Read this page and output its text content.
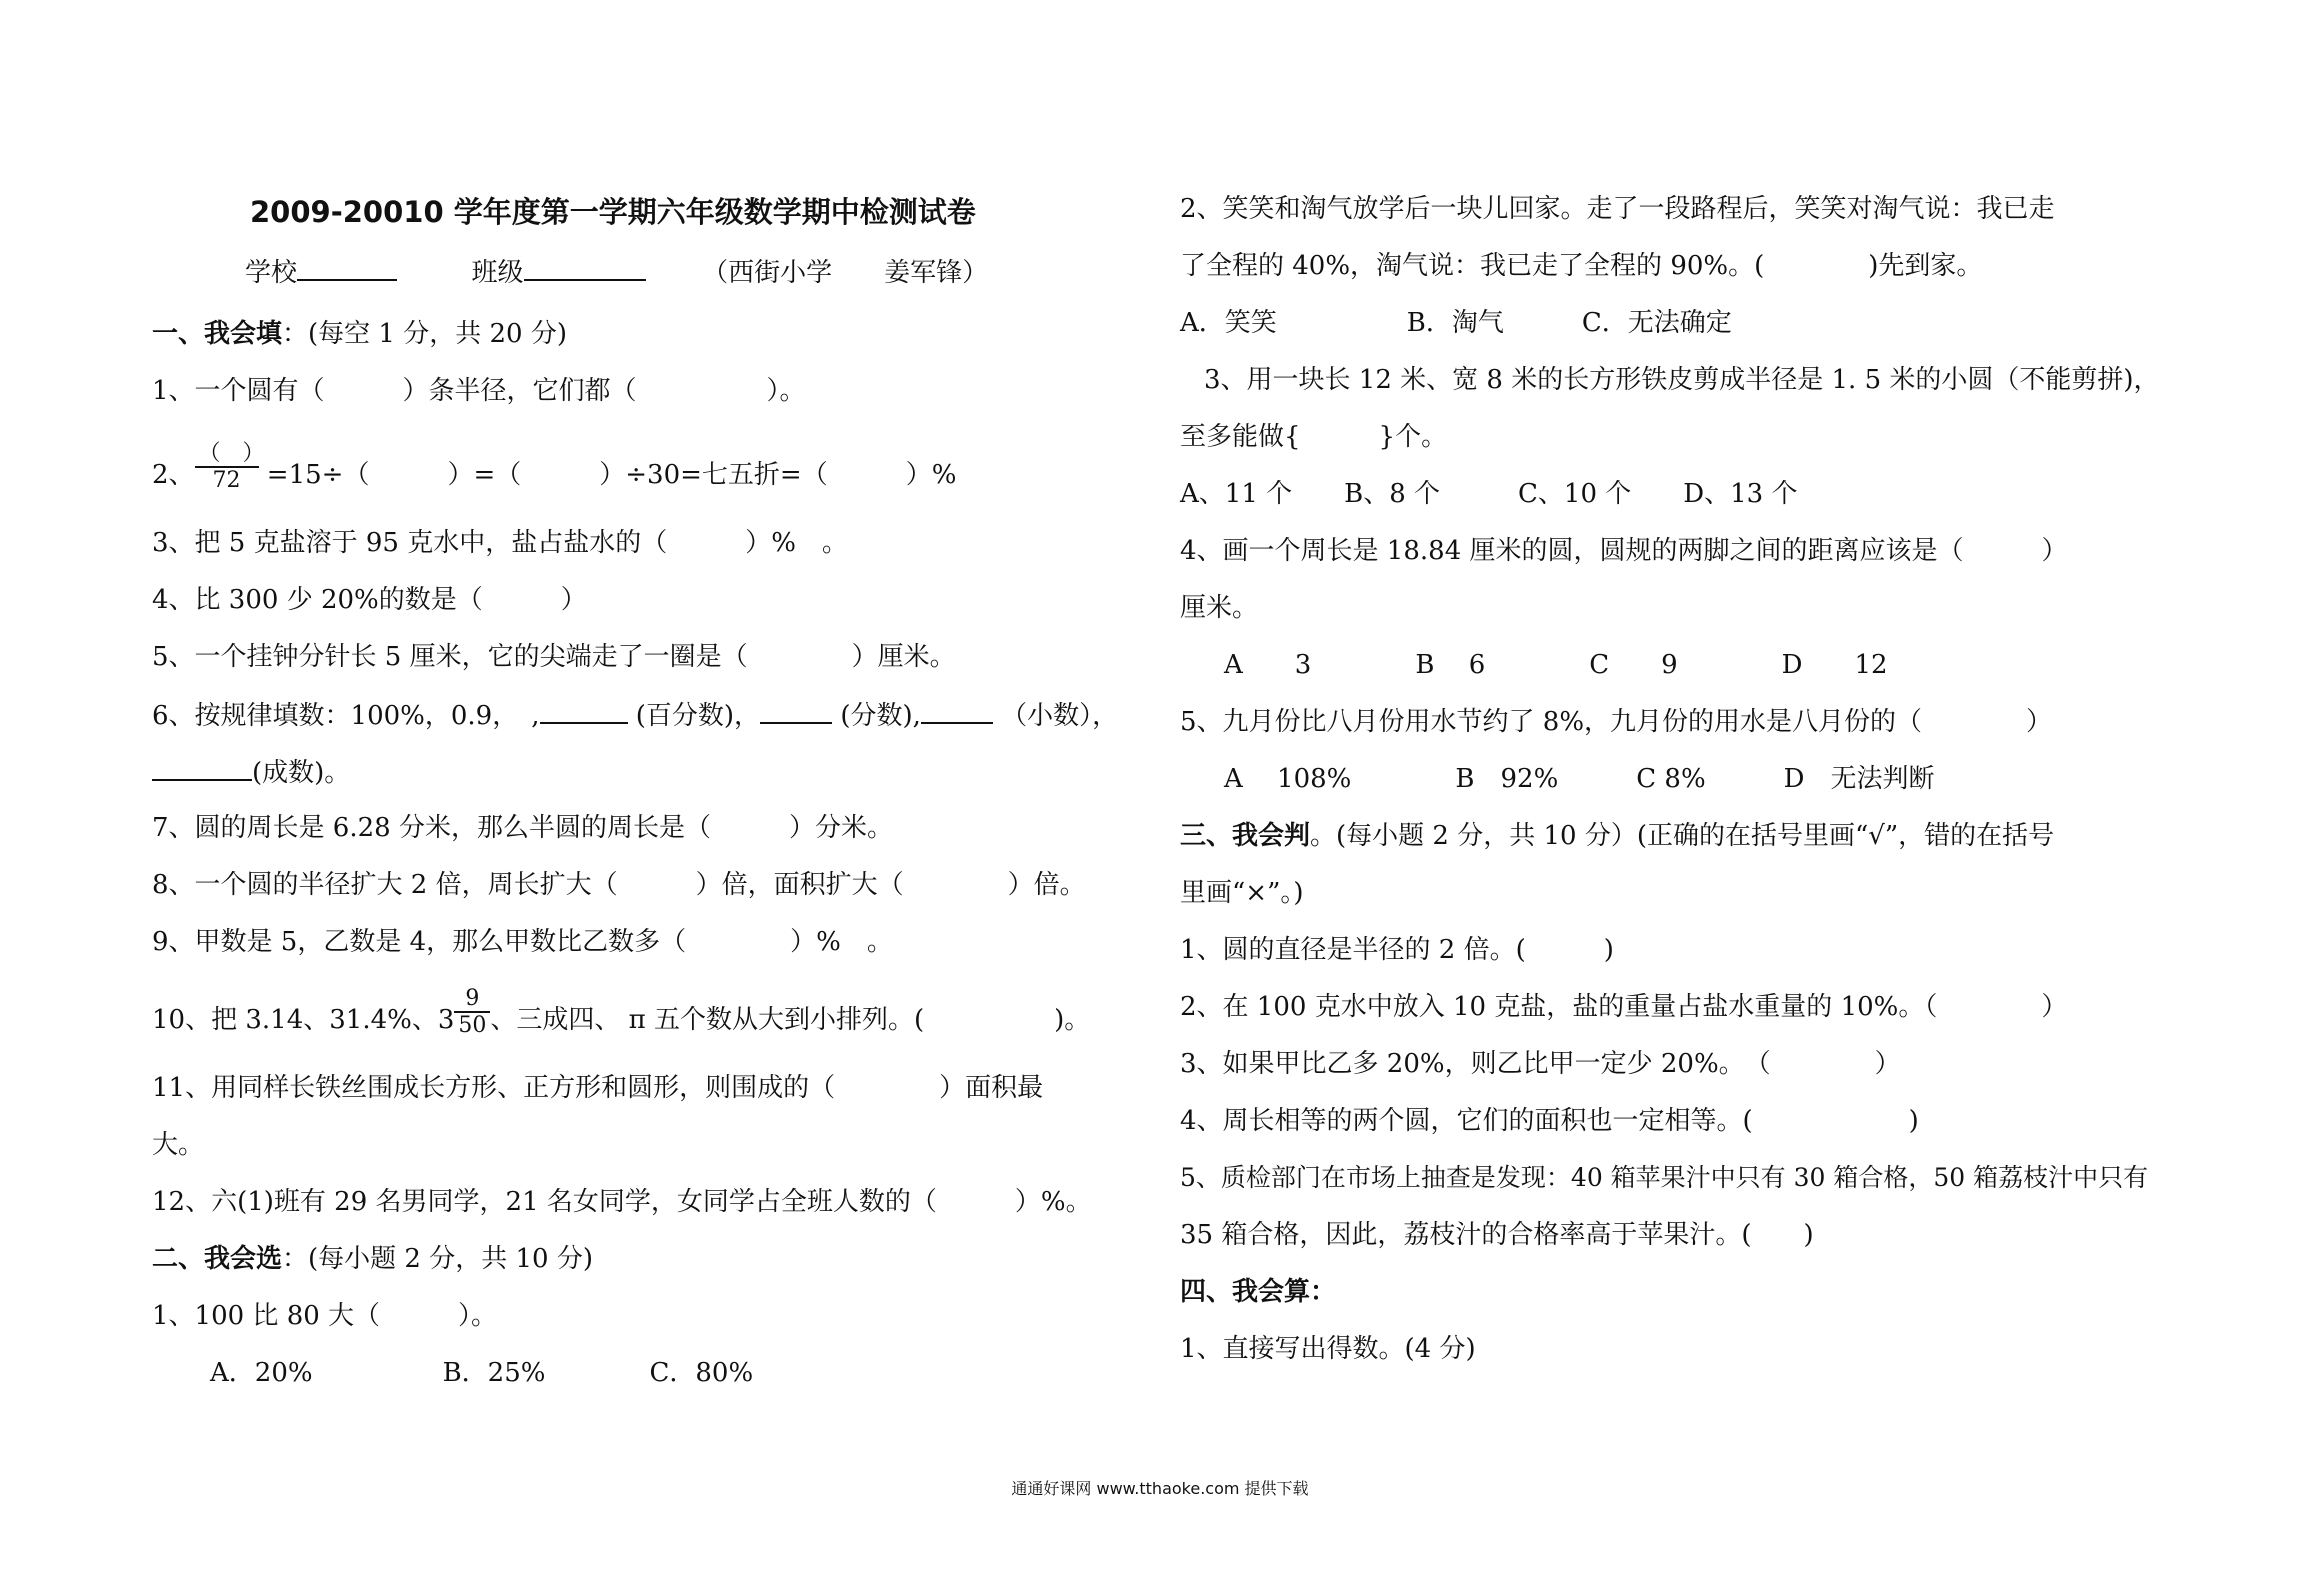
2009-20010 学年度第一学期六年级数学期中检测试卷
学校	班级	（西街小学　　姜军锋）
一、我会填：(每空 1 分，共 20 分)
1、一个圆有（　　　）条半径，它们都（　　　　　）。
2、 $\frac{( )}{72} =15\div$（　　　）=（　　　）÷30=七五折=（　　　）%
3、把 5 克盐溶于 95 克水中，盐占盐水的（　　　）%　。
4、比 300 少 20%的数是（　　　）
5、一个挂钟分针长 5 厘米，它的尖端走了一圈是（　　　　）厘米。
6、按规律填数：100%，0.9，　,	(百分数)，	(分数),	（小数），
(成数)。
7、圆的周长是 6.28 分米，那么半圆的周长是（　　　）分米。
8、一个圆的半径扩大 2 倍，周长扩大（　　　）倍，面积扩大（　　　　）倍。
9、甲数是 5，乙数是 4，那么甲数比乙数多（　　　　）%　。
10、把 3.14、31.4%、$3 \frac{9}{50}$ 、三成四、 π 五个数从大到小排列。(　　　　　)。
11、用同样长铁丝围成长方形、正方形和圆形，则围成的（　　　　）面积最
大。
12、六(1)班有 29 名男同学，21 名女同学，女同学占全班人数的（　　　）%。
二、我会选：(每小题 2 分，共 10 分)
1、100 比 80 大（　　　）。
A．20%　　　　　B．25%　　　　C．80%
2、笑笑和淘气放学后一块儿回家。走了一段路程后，笑笑对淘气说：我已走
了全程的 40%，淘气说：我已走了全程的 90%。(　　　　)先到家。
A．笑笑　　　　　B．淘气　　　C．无法确定
3、用一块长 12 米、宽 8 米的长方形铁皮剪成半径是 1. 5 米的小圆（不能剪拼)，
至多能做{　　　}个。
A、11 个　　B、8 个　　　C、10 个　　D、13 个
4、画一个周长是 18.84 厘米的圆，圆规的两脚之间的距离应该是（　　　）
厘米。
A　　3　　　　B　 6　　　　C　　9　　　　D　　12
5、九月份比八月份用水节约了 8%，九月份的用水是八月份的（　　　　）
A　 108%　　　　B　92%　　　C 8%　　　D　无法判断
三、我会判。(每小题 2 分，共 10 分）(正确的在括号里画“√”，错的在括号
里画“×”。)
1、圆的直径是半径的 2 倍。(　　　)
2、在 100 克水中放入 10 克盐，盐的重量占盐水重量的 10%。（　　　　）
3、如果甲比乙多 20%，则乙比甲一定少 20%。　（　　　　）
4、周长相等的两个圆，它们的面积也一定相等。(　　　　　　)
5、质检部门在市场上抽查是发现：40 箱苹果汁中只有 30 箱合格，50 箱荔枝汁中只有
35 箱合格，因此，荔枝汁的合格率高于苹果汁。(　　)
四、我会算：
1、直接写出得数。(4 分)
通通好课网 www.tthaoke.com 提供下载
